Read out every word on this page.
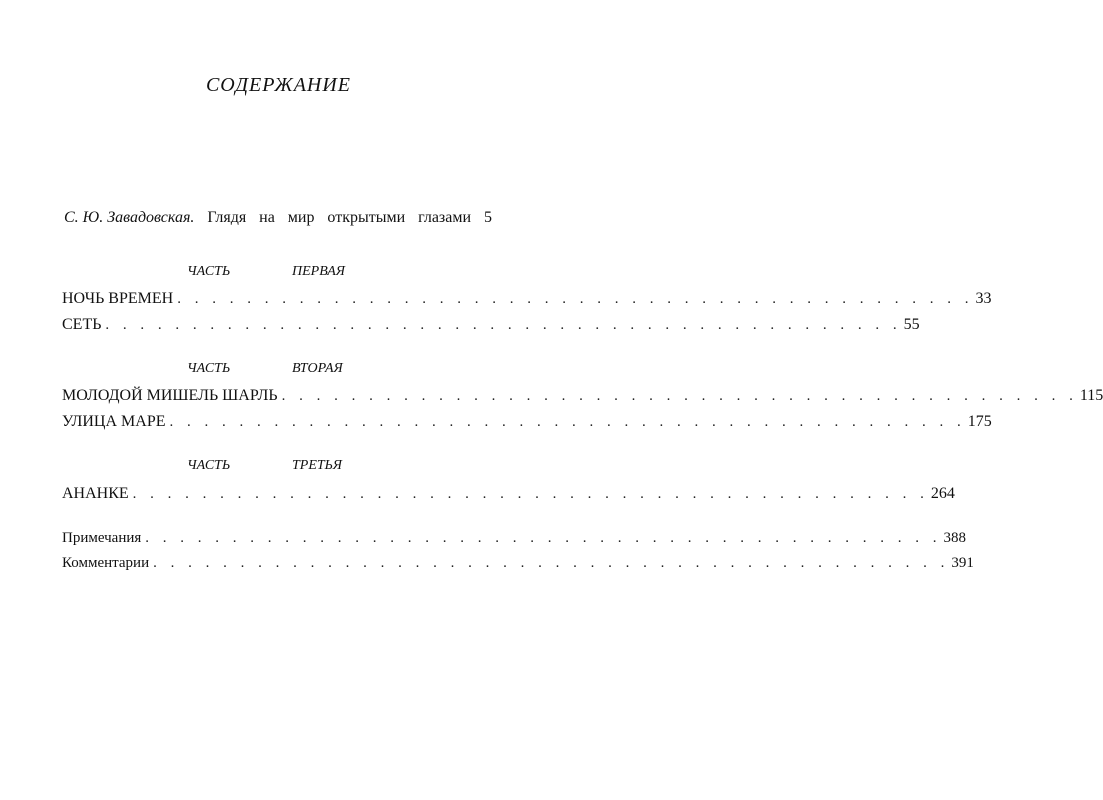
СОДЕРЖАНИЕ
С. Ю. Завадовская. Глядя на мир открытыми глазами 5
ЧАСТЬ	ПЕРВАЯ
НОЧЬ ВРЕМЕН . . . . . . . . . . . . . . . . . . . . . . . . . . . . . . . . . . . . . . . . . . . . . . 33
СЕТЬ . . . . . . . . . . . . . . . . . . . . . . . . . . . . . . . . . . . . . . . . . . . . . . 55
ЧАСТЬ	ВТОРАЯ
МОЛОДОЙ МИШЕЛЬ ШАРЛЬ . . . . . . . . . . . . . . . . . . . . . . . . . . . . . . . . . . . . . . . . . . . . . . 115
УЛИЦА МАРЕ . . . . . . . . . . . . . . . . . . . . . . . . . . . . . . . . . . . . . . . . . . . . . . 175
ЧАСТЬ	ТРЕТЬЯ
АНАНКЕ . . . . . . . . . . . . . . . . . . . . . . . . . . . . . . . . . . . . . . . . . . . . . . 264
Примечания . . . . . . . . . . . . . . . . . . . . . . . . . . . . . . . . . . . . . . . . . . . . . . 388
Комментарии . . . . . . . . . . . . . . . . . . . . . . . . . . . . . . . . . . . . . . . . . . . . . . 391
